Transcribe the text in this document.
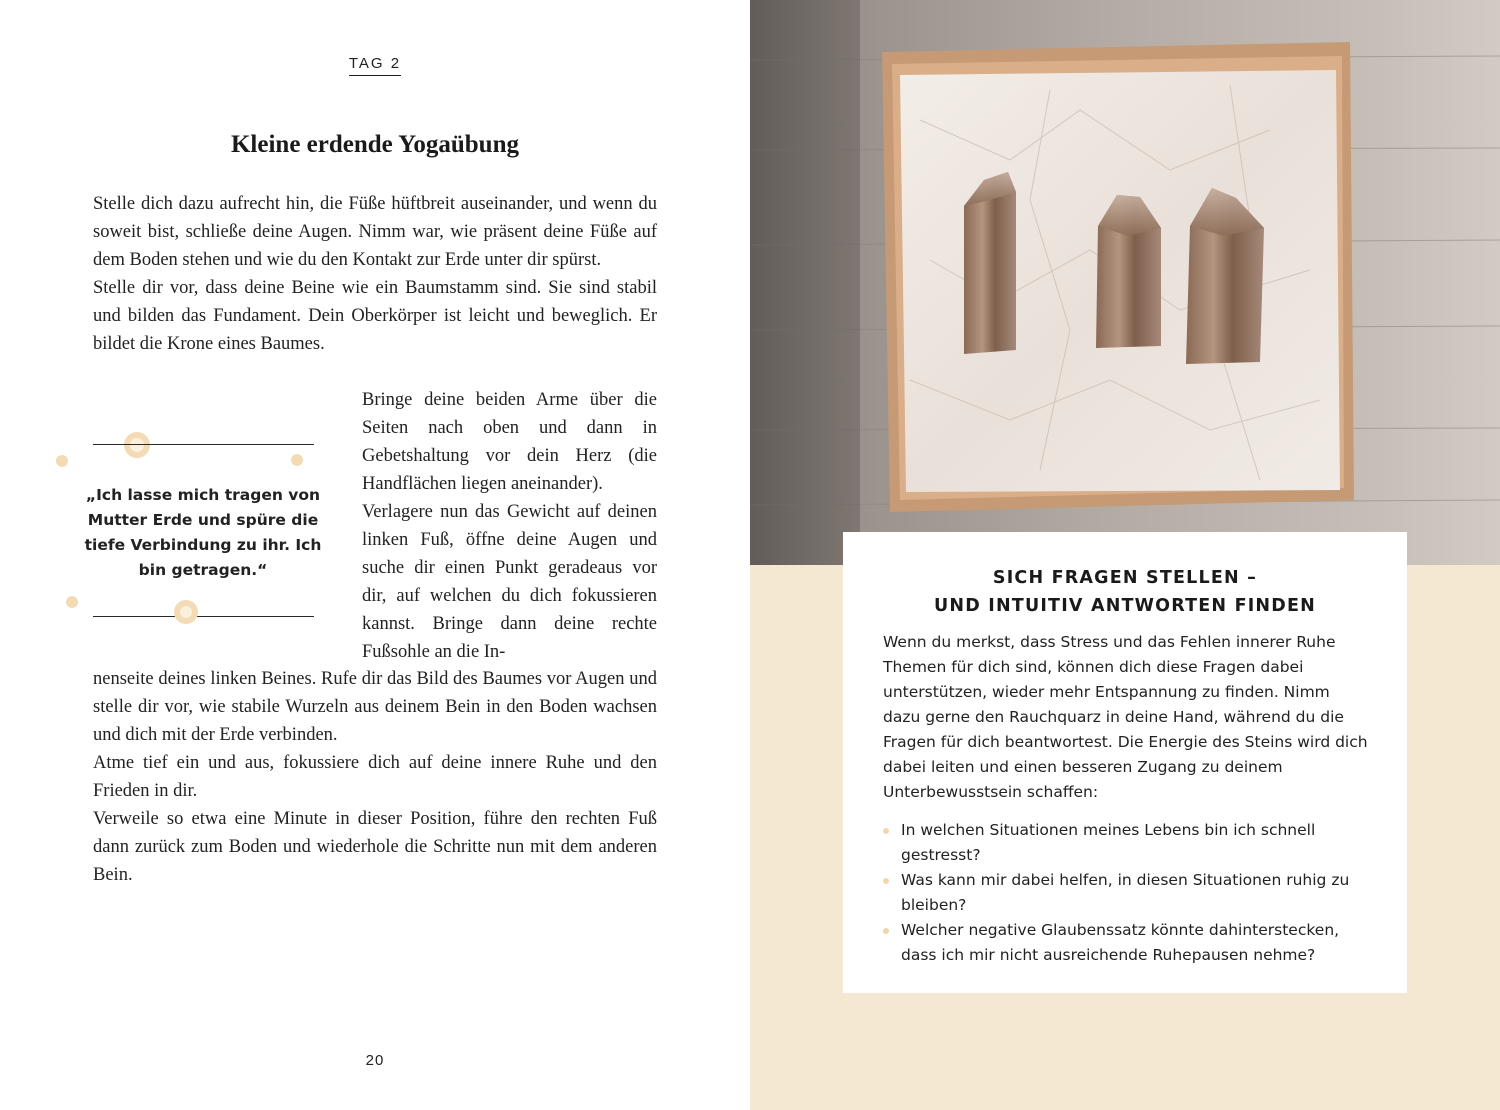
TAG 2
Kleine erdende Yogaübung

Stelle dich dazu aufrecht hin, die Füße hüftbreit auseinander, und wenn du soweit bist, schließe deine Augen. Nimm war, wie präsent deine Füße auf dem Boden stehen und wie du den Kontakt zur Erde unter dir spürst.

Stelle dir vor, dass deine Beine wie ein Baumstamm sind. Sie sind stabil und bilden das Fundament. Dein Oberkörper ist leicht und beweglich. Er bildet die Krone eines Baumes.

„Ich lasse mich tragen von Mutter Erde und spüre die tiefe Verbindung zu ihr. Ich bin getragen.“

Bringe deine beiden Arme über die Seiten nach oben und dann in Gebetshaltung vor dein Herz (die Handflächen liegen aneinander).

Verlagere nun das Gewicht auf deinen linken Fuß, öffne deine Augen und suche dir einen Punkt geradeaus vor dir, auf welchen du dich fokussieren kannst. Bringe dann deine rechte Fußsohle an die In-

nenseite deines linken Beines. Rufe dir das Bild des Baumes vor Augen und stelle dir vor, wie stabile Wurzeln aus deinem Bein in den Boden wachsen und dich mit der Erde verbinden.

Atme tief ein und aus, fokussiere dich auf deine innere Ruhe und den Frieden in dir.

Verweile so etwa eine Minute in dieser Position, führe den rechten Fuß dann zurück zum Boden und wiederhole die Schritte nun mit dem anderen Bein.

20
SICH FRAGEN STELLEN –
UND INTUITIV ANTWORTEN FINDEN

Wenn du merkst, dass Stress und das Fehlen innerer Ruhe Themen für dich sind, können dich diese Fragen dabei unterstützen, wieder mehr Entspannung zu finden. Nimm dazu gerne den Rauchquarz in deine Hand, während du die Fragen für dich beantwortest. Die Energie des Steins wird dich dabei leiten und einen besseren Zugang zu deinem Unterbewusstsein schaffen:

In welchen Situationen meines Lebens bin ich schnell gestresst?
Was kann mir dabei helfen, in diesen Situationen ruhig zu bleiben?
Welcher negative Glaubenssatz könnte dahinterstecken, dass ich mir nicht ausreichende Ruhepausen nehme?
